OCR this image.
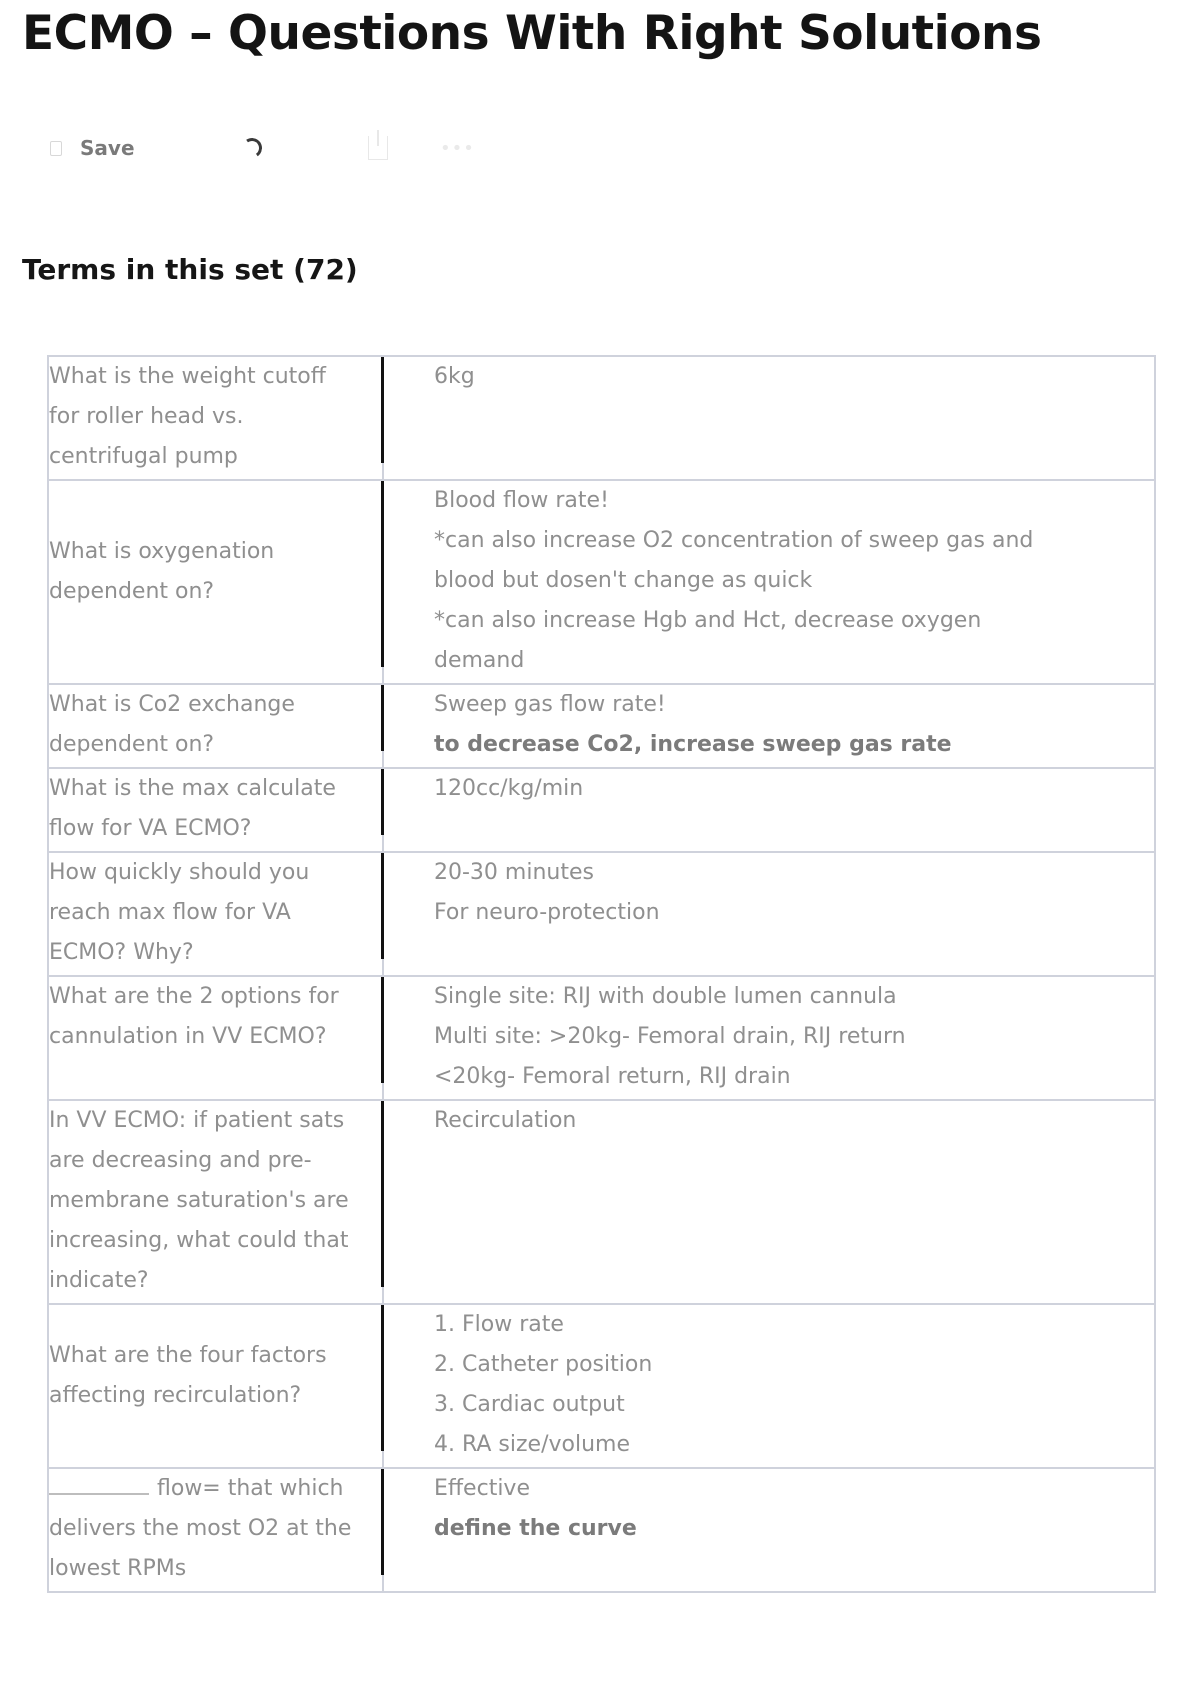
ECMO – Questions With Right Solutions
Save	•••
Terms in this set (72)
What is the weight cutoff
for roller head vs.
centrifugal pump	6kg

What is oxygenation
dependent on?	Blood flow rate!
*can also increase O2 concentration of sweep gas and
blood but dosen't change as quick
*can also increase Hgb and Hct, decrease oxygen
demand

What is Co2 exchange
dependent on?	Sweep gas flow rate!
to decrease Co2, increase sweep gas rate

What is the max calculate
flow for VA ECMO?	120cc/kg/min

How quickly should you
reach max flow for VA
ECMO? Why?	20-30 minutes
For neuro-protection

What are the 2 options for
cannulation in VV ECMO?	Single site: RIJ with double lumen cannula
Multi site: >20kg- Femoral drain, RIJ return
<20kg- Femoral return, RIJ drain

In VV ECMO: if patient sats
are decreasing and pre-
membrane saturation's are
increasing, what could that
indicate?	Recirculation

What are the four factors
affecting recirculation?	1. Flow rate
2. Catheter position
3. Cardiac output
4. RA size/volume

flow= that which
delivers the most O2 at the
lowest RPMs	Effective
define the curve
